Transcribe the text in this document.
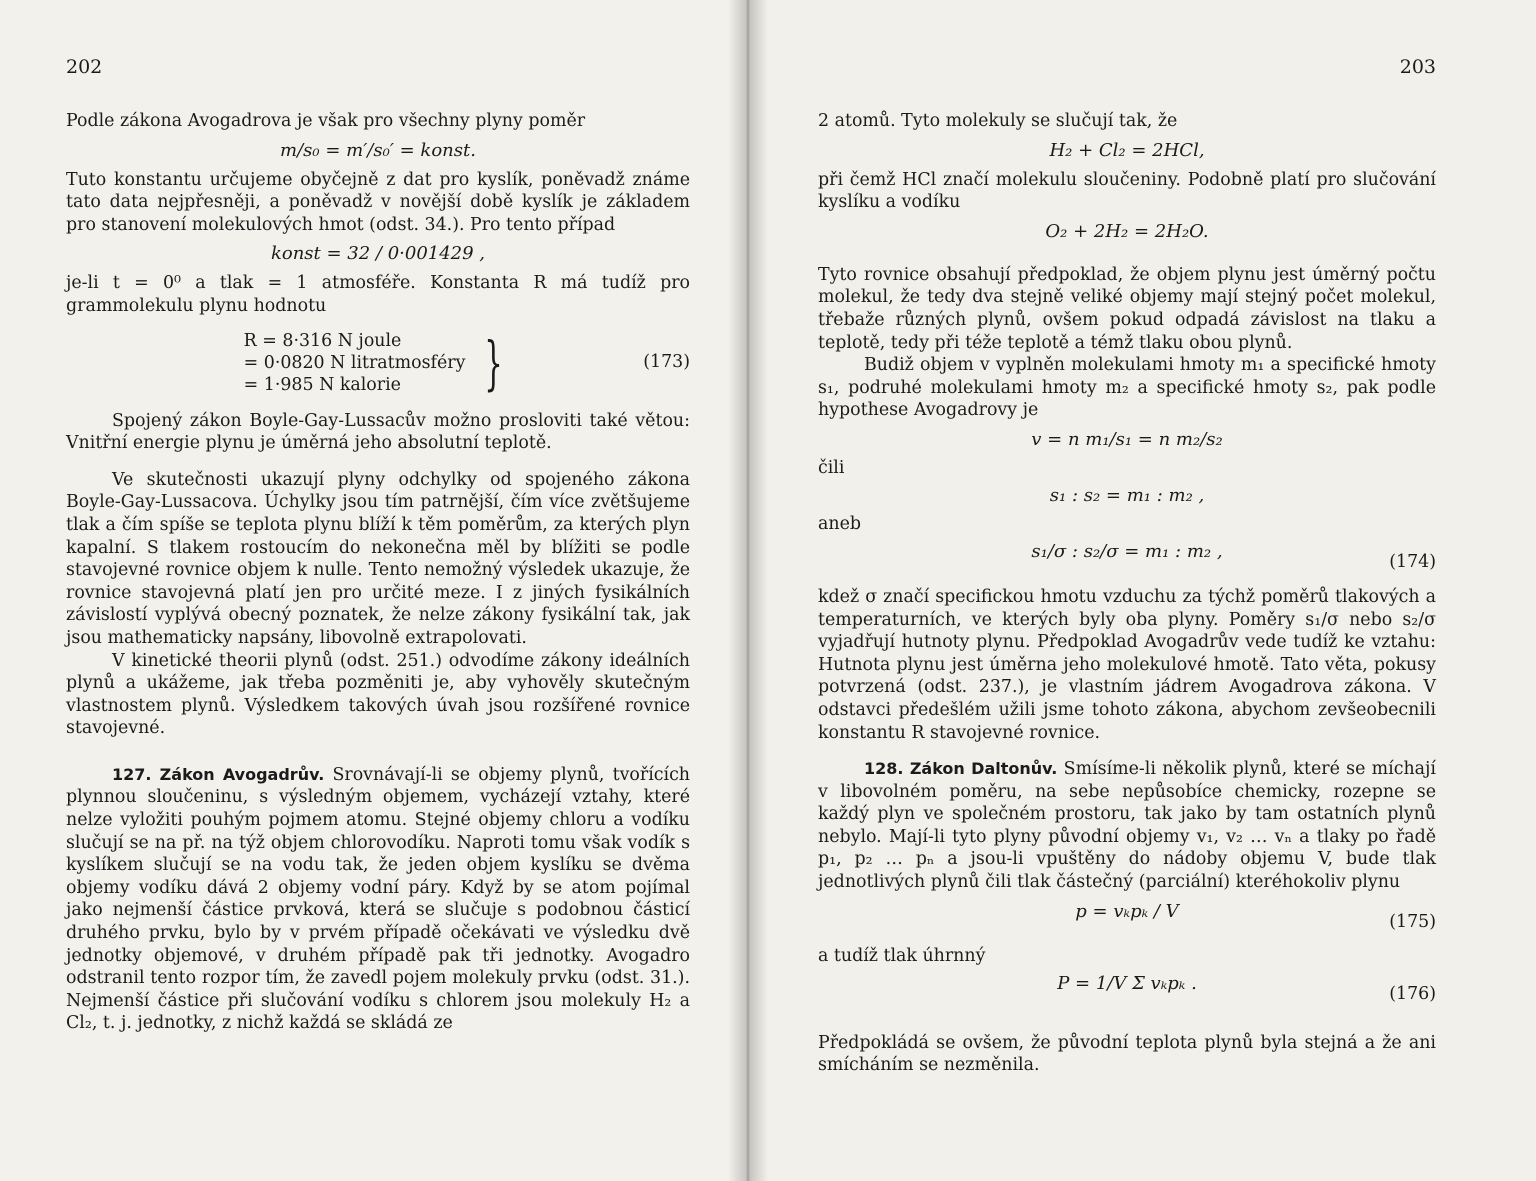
202

Podle zákona Avogadrova je však pro všechny plyny poměr

m/s₀ = m′/s₀′ = konst.

Tuto konstantu určujeme obyčejně z dat pro kyslík, poněvadž známe tato data nejpřesněji, a poněvadž v novější době kyslík je základem pro stanovení molekulových hmot (odst. 34.). Pro tento případ

konst = 32 / 0·001429 ,

je-li t = 0⁰ a tlak = 1 atmosféře. Konstanta R má tudíž pro grammolekulu plynu hodnotu

R = 8·316 N joule
= 0·0820 N litratmosféry
= 1·985 N kalorie	}	(173)

Spojený zákon Boyle-Gay-Lussacův možno prosloviti také větou: Vnitřní energie plynu je úměrná jeho absolutní teplotě.

Ve skutečnosti ukazují plyny odchylky od spojeného zákona Boyle-Gay-Lussacova. Úchylky jsou tím patrnější, čím více zvětšujeme tlak a čím spíše se teplota plynu blíží k těm poměrům, za kterých plyn kapalní. S tlakem rostoucím do nekonečna měl by blížiti se podle stavojevné rovnice objem k nulle. Tento nemožný výsledek ukazuje, že rovnice stavojevná platí jen pro určité meze. I z jiných fysikálních závislostí vyplývá obecný poznatek, že nelze zákony fysikální tak, jak jsou mathematicky napsány, libovolně extrapolovati.

V kinetické theorii plynů (odst. 251.) odvodíme zákony ideálních plynů a ukážeme, jak třeba pozměniti je, aby vyhověly skutečným vlastnostem plynů. Výsledkem takových úvah jsou rozšířené rovnice stavojevné.

127. Zákon Avogadrův. Srovnávají-li se objemy plynů, tvořících plynnou sloučeninu, s výsledným objemem, vycházejí vztahy, které nelze vyložiti pouhým pojmem atomu. Stejné objemy chloru a vodíku slučují se na př. na týž objem chlorovodíku. Naproti tomu však vodík s kyslíkem slučují se na vodu tak, že jeden objem kyslíku se dvěma objemy vodíku dává 2 objemy vodní páry. Když by se atom pojímal jako nejmenší částice prvková, která se slučuje s podobnou částicí druhého prvku, bylo by v prvém případě očekávati ve výsledku dvě jednotky objemové, v druhém případě pak tři jednotky. Avogadro odstranil tento rozpor tím, že zavedl pojem molekuly prvku (odst. 31.). Nejmenší částice při slučování vodíku s chlorem jsou molekuly H₂ a Cl₂, t. j. jednotky, z nichž každá se skládá ze

203

2 atomů. Tyto molekuly se slučují tak, že

H₂ + Cl₂ = 2HCl,

při čemž HCl značí molekulu sloučeniny. Podobně platí pro slučování kyslíku a vodíku

O₂ + 2H₂ = 2H₂O.

Tyto rovnice obsahují předpoklad, že objem plynu jest úměrný počtu molekul, že tedy dva stejně veliké objemy mají stejný počet molekul, třebaže různých plynů, ovšem pokud odpadá závislost na tlaku a teplotě, tedy při téže teplotě a témž tlaku obou plynů.

Budiž objem v vyplněn molekulami hmoty m₁ a specifické hmoty s₁, podruhé molekulami hmoty m₂ a specifické hmoty s₂, pak podle hypothese Avogadrovy je

v = n m₁/s₁ = n m₂/s₂
čili
s₁ : s₂ = m₁ : m₂ ,
aneb
s₁/σ : s₂/σ = m₁ : m₂ ,	(174)

kdež σ značí specifickou hmotu vzduchu za týchž poměrů tlakových a temperaturních, ve kterých byly oba plyny. Poměry s₁/σ nebo s₂/σ vyjadřují hutnoty plynu. Předpoklad Avogadrův vede tudíž ke vztahu: Hutnota plynu jest úměrna jeho molekulové hmotě. Tato věta, pokusy potvrzená (odst. 237.), je vlastním jádrem Avogadrova zákona. V odstavci předešlém užili jsme tohoto zákona, abychom zevšeobecnili konstantu R stavojevné rovnice.

128. Zákon Daltonův. Smísíme-li několik plynů, které se míchají v libovolném poměru, na sebe nepůsobíce chemicky, rozepne se každý plyn ve společném prostoru, tak jako by tam ostatních plynů nebylo. Mají-li tyto plyny původní objemy v₁, v₂ … vₙ a tlaky po řadě p₁, p₂ … pₙ a jsou-li vpuštěny do nádoby objemu V, bude tlak jednotlivých plynů čili tlak částečný (parciální) kteréhokoliv plynu

p = vₖpₖ / V	(175)
a tudíž tlak úhrnný
P = 1/V Σ vₖpₖ .	(176)

Předpokládá se ovšem, že původní teplota plynů byla stejná a že ani smícháním se nezměnila.
